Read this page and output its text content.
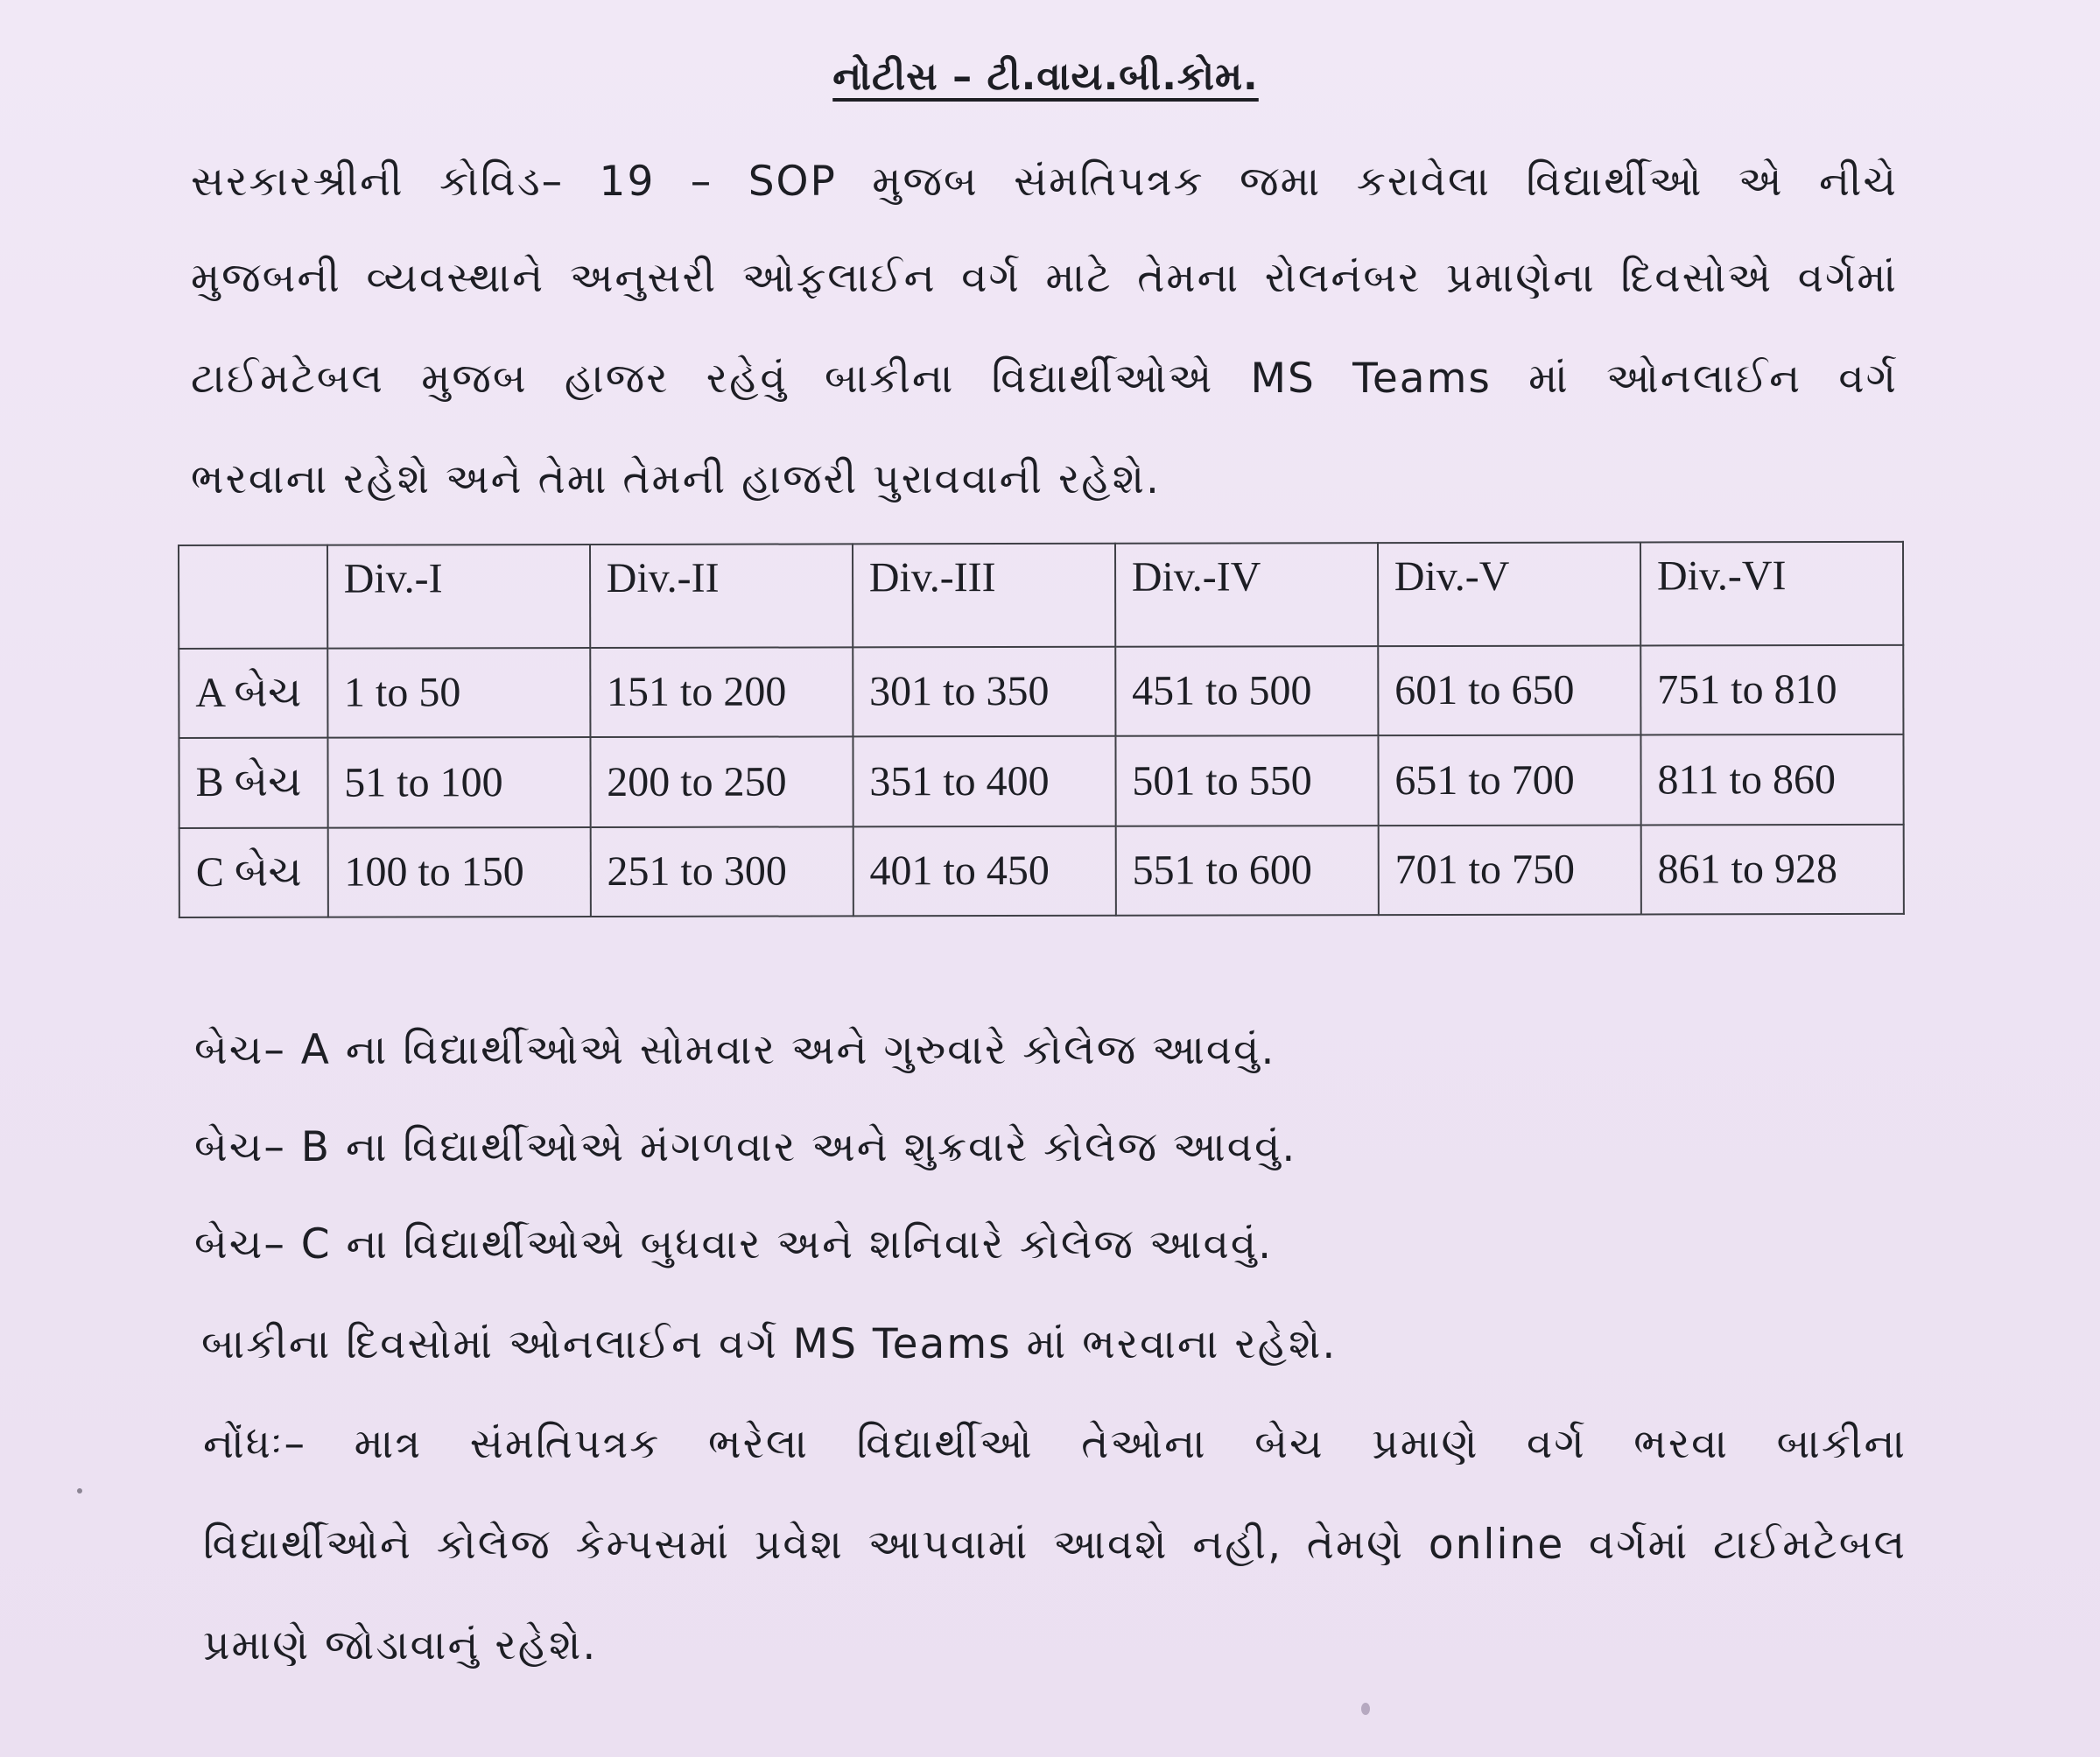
નોટીસ – ટી.વાય.બી.કોમ.
સરકારશ્રીની કોવિડ– 19 – SOP મુજબ સંમતિપત્રક જમા કરાવેલા વિદ્યાર્થીઓ એ નીચે
મુજબની વ્યવસ્થાને અનુસરી ઓફલાઈન વર્ગ માટે તેમના રોલનંબર પ્રમાણેના દિવસોએ વર્ગમાં
ટાઈમટેબલ મુજબ હાજર રહેવું બાકીના વિદ્યાર્થીઓએ MS Teams માં ઓનલાઈન વર્ગ
ભરવાના રહેશે અને તેમા તેમની હાજરી પુરાવવાની રહેશે.
	Div.-I	Div.-II	Div.-III	Div.-IV	Div.-V	Div.-VI
A બેચ	1 to 50	151 to 200	301 to 350	451 to 500	601 to 650	751 to 810
B બેચ	51 to 100	200 to 250	351 to 400	501 to 550	651 to 700	811 to 860
C બેચ	100 to 150	251 to 300	401 to 450	551 to 600	701 to 750	861 to 928
બેચ– A ના વિદ્યાર્થીઓએ સોમવાર અને ગુરુવારે કોલેજ આવવું.
બેચ– B ના વિદ્યાર્થીઓએ મંગળવાર અને શુક્રવારે કોલેજ આવવું.
બેચ– C ના વિદ્યાર્થીઓએ બુધવાર અને શનિવારે કોલેજ આવવું.
બાકીના દિવસોમાં ઓનલાઈન વર્ગ MS Teams માં ભરવાના રહેશે.
નોંધઃ– માત્ર સંમતિપત્રક ભરેલા વિદ્યાર્થીઓ તેઓના બેચ પ્રમાણે વર્ગ ભરવા બાકીના
વિદ્યાર્થીઓને કોલેજ કેમ્પસમાં પ્રવેશ આપવામાં આવશે નહી, તેમણે online વર્ગમાં ટાઈમટેબલ
પ્રમાણે જોડાવાનું રહેશે.
